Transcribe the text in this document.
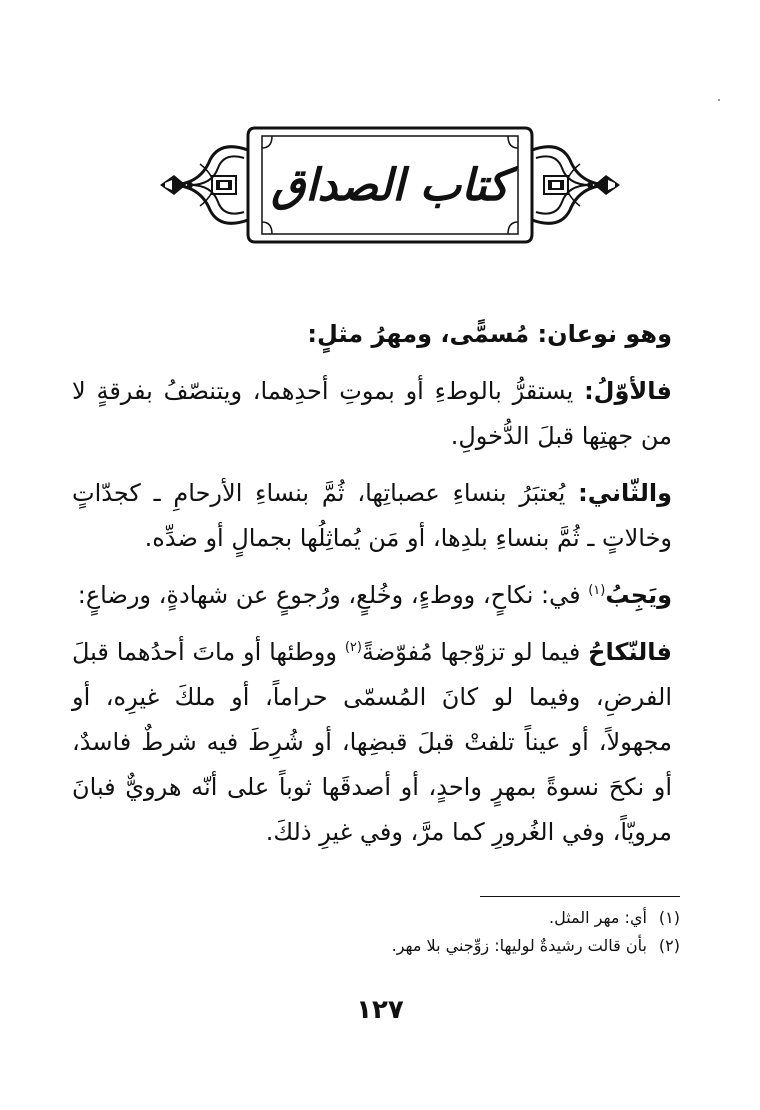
كتاب الصداق

وهو نوعان: مُسمًّى، ومهرُ مثلٍ:

فالأوّلُ: يستقرُّ بالوطءِ أو بموتِ أحدِهما، ويتنصّفُ بفرقةٍ لا من جهتِها قبلَ الدُّخولِ.

والثّاني: يُعتبَرُ بنساءِ عصباتِها، ثُمَّ بنساءِ الأرحامِ ـ كجدّاتٍ وخالاتٍ ـ ثُمَّ بنساءِ بلدِها، أو مَن يُماثِلُها بجمالٍ أو ضدِّه.

ويَجِبُ$^{(١)}$ في: نكاحٍ، ووطءٍ، وخُلعٍ، ورُجوعٍ عن شهادةٍ، ورضاعٍ:

فالنّكاحُ فيما لو تزوّجها مُفوّضةً$^{(٢)}$ ووطئها أو ماتَ أحدُهما قبلَ الفرضِ، وفيما لو كانَ المُسمّى حراماً، أو ملكَ غيرِه، أو مجهولاً، أو عيناً تلفتْ قبلَ قبضِها، أو شُرِطَ فيه شرطٌ فاسدٌ، أو نكحَ نسوةً بمهرٍ واحدٍ، أو أصدقَها ثوباً على أنّه هرويٌّ فبانَ مرويّاً، وفي الغُرورِ كما مرَّ، وفي غيرِ ذلكَ.

(١)أي: مهر المثل.
(٢)بأن قالت رشيدةٌ لوليها: زوِّجني بلا مهر.
١٢٧
